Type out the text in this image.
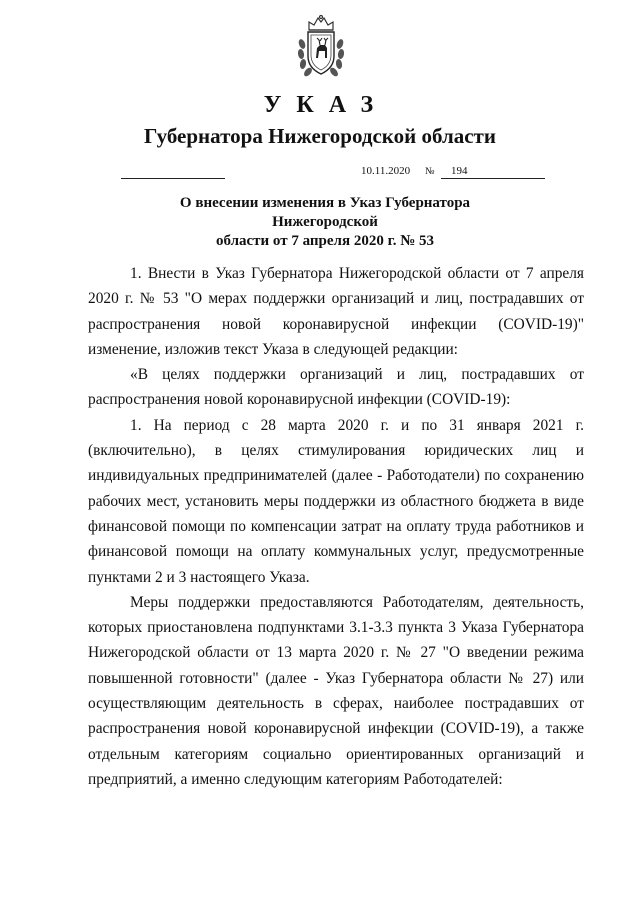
УКАЗ
Губернатора Нижегородской области
10.11.2020 №	194
О внесении изменения в Указ Губернатора Нижегородской
области от 7 апреля 2020 г. № 53

1. Внести в Указ Губернатора Нижегородской области от 7 апреля 2020 г. № 53 "О мерах поддержки организаций и лиц, пострадавших от распространения новой коронавирусной инфекции (COVID-19)" изменение, изложив текст Указа в следующей редакции:

«В целях поддержки организаций и лиц, пострадавших от распространения новой коронавирусной инфекции (COVID-19):

1. На период с 28 марта 2020 г. и по 31 января 2021 г. (включительно), в целях стимулирования юридических лиц и индивидуальных предпринимателей (далее - Работодатели) по сохранению рабочих мест, установить меры поддержки из областного бюджета в виде финансовой помощи по компенсации затрат на оплату труда работников и финансовой помощи на оплату коммунальных услуг, предусмотренные пунктами 2 и 3 настоящего Указа.

Меры поддержки предоставляются Работодателям, деятельность, которых приостановлена подпунктами 3.1-3.3 пункта 3 Указа Губернатора Нижегородской области от 13 марта 2020 г. № 27 "О введении режима повышенной готовности" (далее - Указ Губернатора области № 27) или осуществляющим деятельность в сферах, наиболее пострадавших от распространения новой коронавирусной инфекции (COVID-19), а также отдельным категориям социально ориентированных организаций и предприятий, а именно следующим категориям Работодателей:
